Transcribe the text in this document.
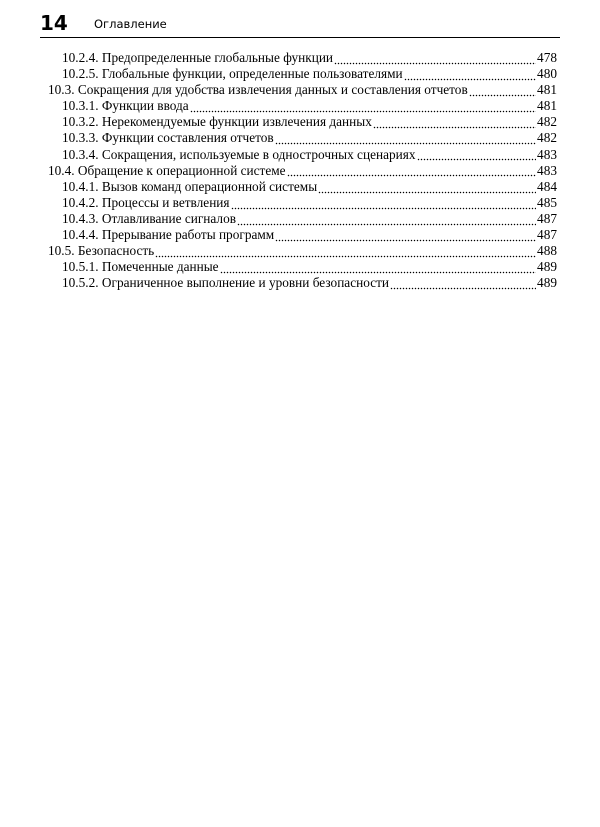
14 Оглавление
10.2.4. Предопределенные глобальные функции	478
10.2.5. Глобальные функции, определенные пользователями	480
10.3. Сокращения для удобства извлечения данных и составления отчетов	481
10.3.1. Функции ввода	481
10.3.2. Нерекомендуемые функции извлечения данных	482
10.3.3. Функции составления отчетов	482
10.3.4. Сокращения, используемые в однострочных сценариях	483
10.4. Обращение к операционной системе	483
10.4.1. Вызов команд операционной системы	484
10.4.2. Процессы и ветвления	485
10.4.3. Отлавливание сигналов	487
10.4.4. Прерывание работы программ	487
10.5. Безопасность	488
10.5.1. Помеченные данные	489
10.5.2. Ограниченное выполнение и уровни безопасности	489
